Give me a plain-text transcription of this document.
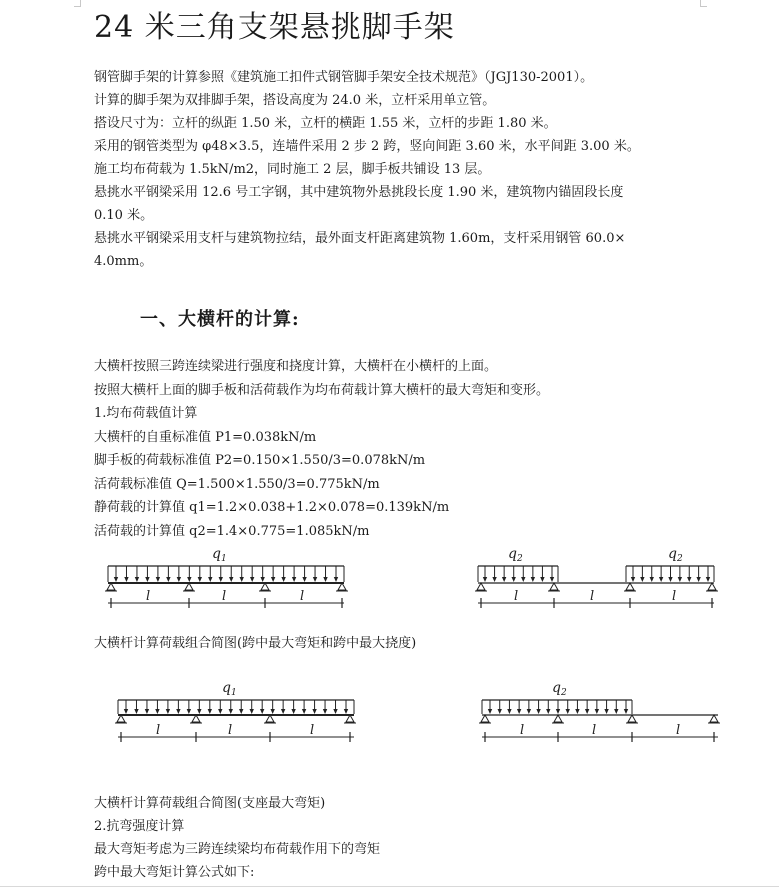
24 米三角支架悬挑脚手架

钢管脚手架的计算参照《建筑施工扣件式钢管脚手架安全技术规范》（JGJ130-2001）。

计算的脚手架为双排脚手架，搭设高度为 24.0 米，立杆采用单立管。

搭设尺寸为：立杆的纵距 1.50 米，立杆的横距 1.55 米，立杆的步距 1.80 米。

采用的钢管类型为 φ48×3.5，连墙件采用 2 步 2 跨，竖向间距 3.60 米，水平间距 3.00 米。

施工均布荷载为 1.5kN/m2，同时施工 2 层，脚手板共铺设 13 层。

悬挑水平钢梁采用 12.6 号工字钢，其中建筑物外悬挑段长度 1.90 米，建筑物内锚固段长度

0.10 米。

悬挑水平钢梁采用支杆与建筑物拉结，最外面支杆距离建筑物 1.60m，支杆采用钢管 60.0×

4.0mm。

一、大横杆的计算:

大横杆按照三跨连续梁进行强度和挠度计算，大横杆在小横杆的上面。

按照大横杆上面的脚手板和活荷载作为均布荷载计算大横杆的最大弯矩和变形。

1.均布荷载值计算

大横杆的自重标准值 P1=0.038kN/m

脚手板的荷载标准值 P2=0.150×1.550/3=0.078kN/m

活荷载标准值 Q=1.500×1.550/3=0.775kN/m

静荷载的计算值 q1=1.2×0.038+1.2×0.078=0.139kN/m

活荷载的计算值 q2=1.4×0.775=1.085kN/m

$q_1$
l	l	l
$q_2$	$q_2$
l	l	l

大横杆计算荷载组合简图(跨中最大弯矩和跨中最大挠度)

$q_1$
l	l	l
$q_2$
l	l	l

大横杆计算荷载组合简图(支座最大弯矩)

2.抗弯强度计算

最大弯矩考虑为三跨连续梁均布荷载作用下的弯矩

跨中最大弯矩计算公式如下:
